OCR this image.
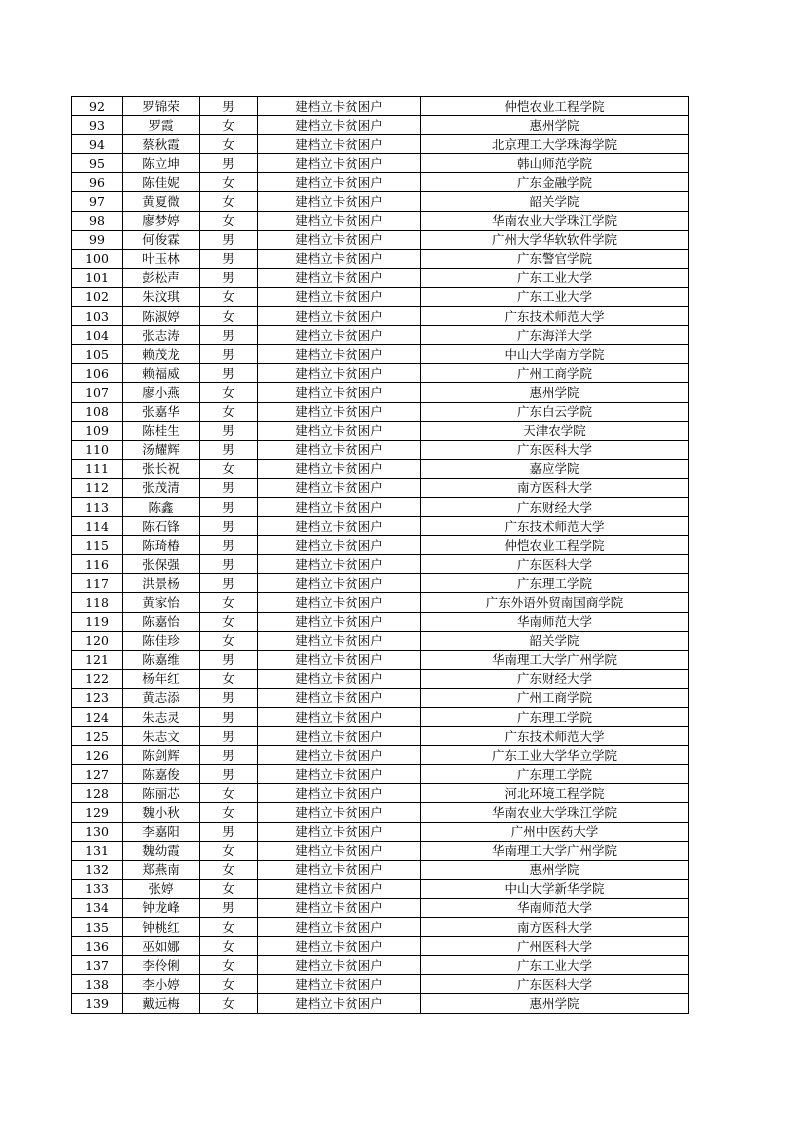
92	罗锦荣	男	建档立卡贫困户	仲恺农业工程学院
93	罗霞	女	建档立卡贫困户	惠州学院
94	蔡秋霞	女	建档立卡贫困户	北京理工大学珠海学院
95	陈立坤	男	建档立卡贫困户	韩山师范学院
96	陈佳妮	女	建档立卡贫困户	广东金融学院
97	黄夏微	女	建档立卡贫困户	韶关学院
98	廖梦婷	女	建档立卡贫困户	华南农业大学珠江学院
99	何俊霖	男	建档立卡贫困户	广州大学华软软件学院
100	叶玉林	男	建档立卡贫困户	广东警官学院
101	彭松声	男	建档立卡贫困户	广东工业大学
102	朱汶琪	女	建档立卡贫困户	广东工业大学
103	陈淑婷	女	建档立卡贫困户	广东技术师范大学
104	张志涛	男	建档立卡贫困户	广东海洋大学
105	赖茂龙	男	建档立卡贫困户	中山大学南方学院
106	赖福威	男	建档立卡贫困户	广州工商学院
107	廖小燕	女	建档立卡贫困户	惠州学院
108	张嘉华	女	建档立卡贫困户	广东白云学院
109	陈桂生	男	建档立卡贫困户	天津农学院
110	汤耀辉	男	建档立卡贫困户	广东医科大学
111	张长祝	女	建档立卡贫困户	嘉应学院
112	张茂清	男	建档立卡贫困户	南方医科大学
113	陈鑫	男	建档立卡贫困户	广东财经大学
114	陈石锋	男	建档立卡贫困户	广东技术师范大学
115	陈琦椿	男	建档立卡贫困户	仲恺农业工程学院
116	张保强	男	建档立卡贫困户	广东医科大学
117	洪景杨	男	建档立卡贫困户	广东理工学院
118	黄家怡	女	建档立卡贫困户	广东外语外贸南国商学院
119	陈嘉怡	女	建档立卡贫困户	华南师范大学
120	陈佳珍	女	建档立卡贫困户	韶关学院
121	陈嘉维	男	建档立卡贫困户	华南理工大学广州学院
122	杨年红	女	建档立卡贫困户	广东财经大学
123	黄志添	男	建档立卡贫困户	广州工商学院
124	朱志灵	男	建档立卡贫困户	广东理工学院
125	朱志文	男	建档立卡贫困户	广东技术师范大学
126	陈剑辉	男	建档立卡贫困户	广东工业大学华立学院
127	陈嘉俊	男	建档立卡贫困户	广东理工学院
128	陈丽芯	女	建档立卡贫困户	河北环境工程学院
129	魏小秋	女	建档立卡贫困户	华南农业大学珠江学院
130	李嘉阳	男	建档立卡贫困户	广州中医药大学
131	魏幼霞	女	建档立卡贫困户	华南理工大学广州学院
132	郑燕南	女	建档立卡贫困户	惠州学院
133	张婷	女	建档立卡贫困户	中山大学新华学院
134	钟龙峰	男	建档立卡贫困户	华南师范大学
135	钟桃红	女	建档立卡贫困户	南方医科大学
136	巫如娜	女	建档立卡贫困户	广州医科大学
137	李伶俐	女	建档立卡贫困户	广东工业大学
138	李小婷	女	建档立卡贫困户	广东医科大学
139	戴远梅	女	建档立卡贫困户	惠州学院
